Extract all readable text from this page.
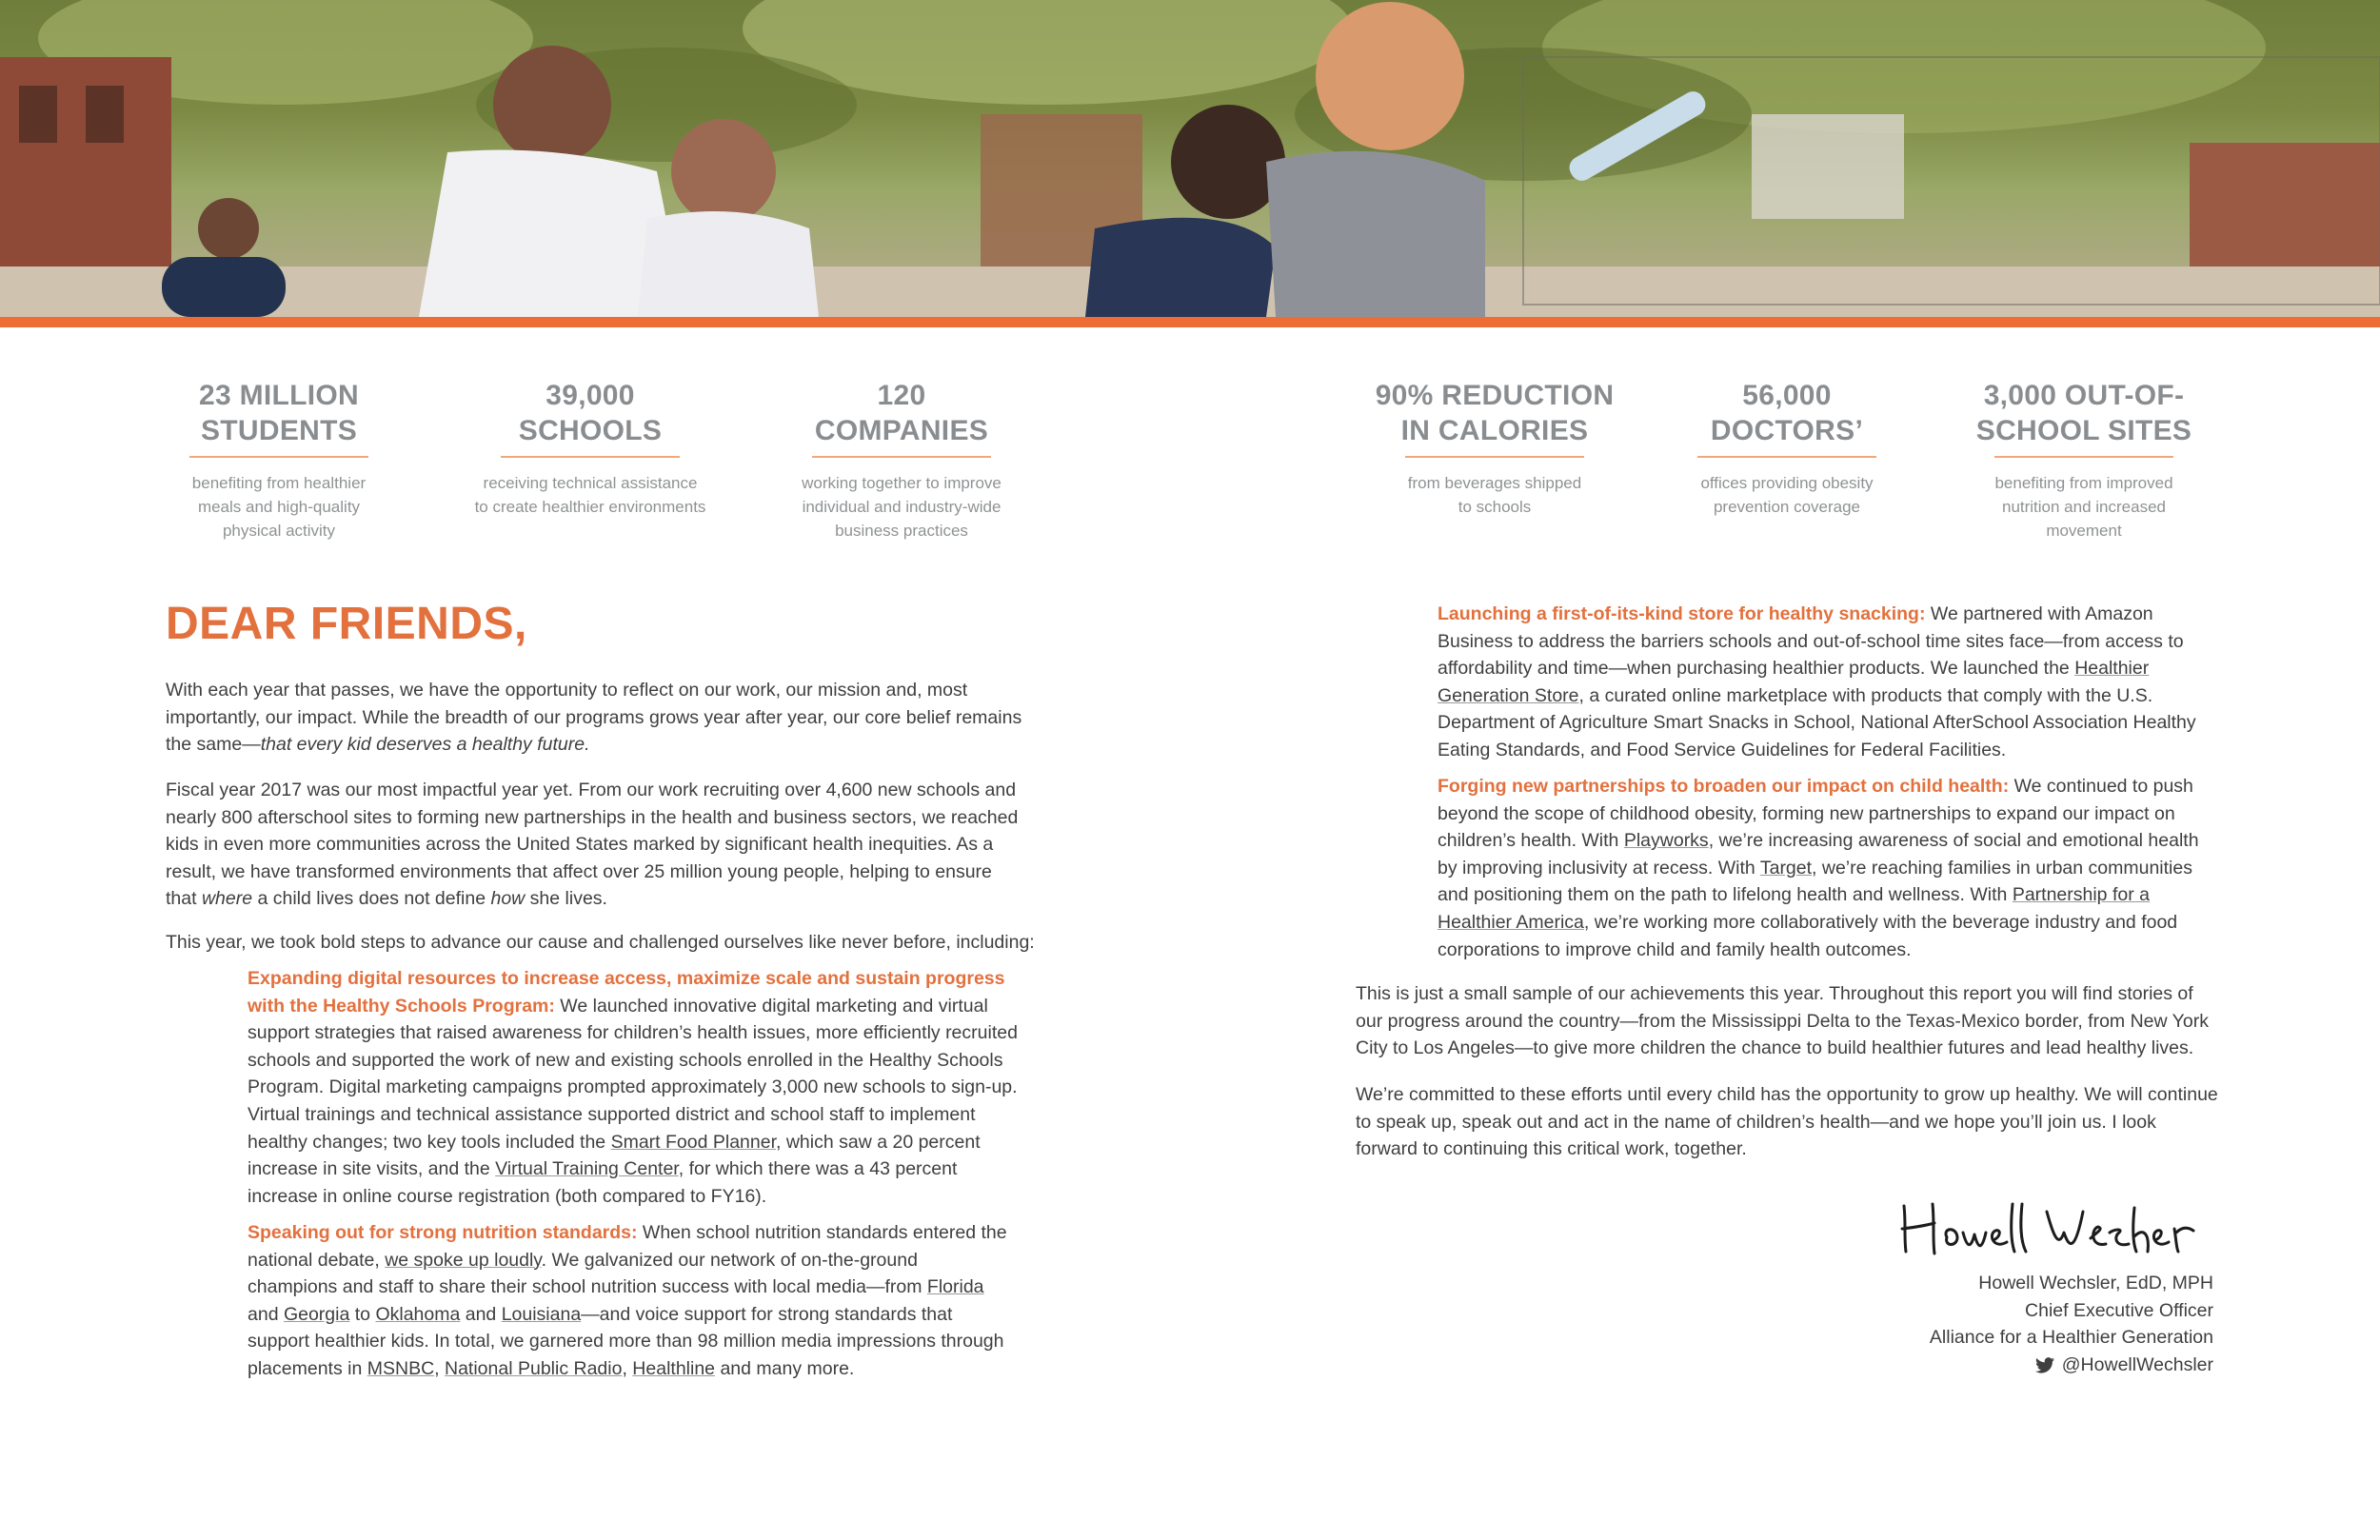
23 MILLION
STUDENTS
benefiting from healthier
meals and high-quality
physical activity
39,000
SCHOOLS
receiving technical assistance
to create healthier environments
120
COMPANIES
working together to improve
individual and industry-wide
business practices
90% REDUCTION
IN CALORIES
from beverages shipped
to schools
56,000
DOCTORS’
offices providing obesity
prevention coverage
3,000 OUT-OF-
SCHOOL SITES
benefiting from improved
nutrition and increased
movement
DEAR FRIENDS,
With each year that passes, we have the opportunity to reflect on our work, our mission and, most importantly, our impact. While the breadth of our programs grows year after year, our core belief remains the same—that every kid deserves a healthy future.
Fiscal year 2017 was our most impactful year yet. From our work recruiting over 4,600 new schools and nearly 800 afterschool sites to forming new partnerships in the health and business sectors, we reached kids in even more communities across the United States marked by significant health inequities. As a result, we have transformed environments that affect over 25 million young people, helping to ensure that where a child lives does not define how she lives.
This year, we took bold steps to advance our cause and challenged ourselves like never before, including:
Expanding digital resources to increase access, maximize scale and sustain progress with the Healthy Schools Program: We launched innovative digital marketing and virtual support strategies that raised awareness for children’s health issues, more efficiently recruited schools and supported the work of new and existing schools enrolled in the Healthy Schools Program. Digital marketing campaigns prompted approximately 3,000 new schools to sign-up. Virtual trainings and technical assistance supported district and school staff to implement healthy changes; two key tools included the Smart Food Planner, which saw a 20 percent increase in site visits, and the Virtual Training Center, for which there was a 43 percent increase in online course registration (both compared to FY16).
Speaking out for strong nutrition standards: When school nutrition standards entered the national debate, we spoke up loudly. We galvanized our network of on-the-ground champions and staff to share their school nutrition success with local media—from Florida and Georgia to Oklahoma and Louisiana—and voice support for strong standards that support healthier kids. In total, we garnered more than 98 million media impressions through placements in MSNBC, National Public Radio, Healthline and many more.
Launching a first-of-its-kind store for healthy snacking: We partnered with Amazon Business to address the barriers schools and out-of-school time sites face—from access to affordability and time—when purchasing healthier products. We launched the Healthier Generation Store, a curated online marketplace with products that comply with the U.S. Department of Agriculture Smart Snacks in School, National AfterSchool Association Healthy Eating Standards, and Food Service Guidelines for Federal Facilities.
Forging new partnerships to broaden our impact on child health: We continued to push beyond the scope of childhood obesity, forming new partnerships to expand our impact on children’s health. With Playworks, we’re increasing awareness of social and emotional health by improving inclusivity at recess. With Target, we’re reaching families in urban communities and positioning them on the path to lifelong health and wellness. With Partnership for a Healthier America, we’re working more collaboratively with the beverage industry and food corporations to improve child and family health outcomes.
This is just a small sample of our achievements this year. Throughout this report you will find stories of our progress around the country—from the Mississippi Delta to the Texas-Mexico border, from New York City to Los Angeles—to give more children the chance to build healthier futures and lead healthy lives.
We’re committed to these efforts until every child has the opportunity to grow up healthy. We will continue to speak up, speak out and act in the name of children’s health—and we hope you’ll join us. I look forward to continuing this critical work, together.
Howell Wechsler, EdD, MPH
Chief Executive Officer
Alliance for a Healthier Generation
@HowellWechsler
